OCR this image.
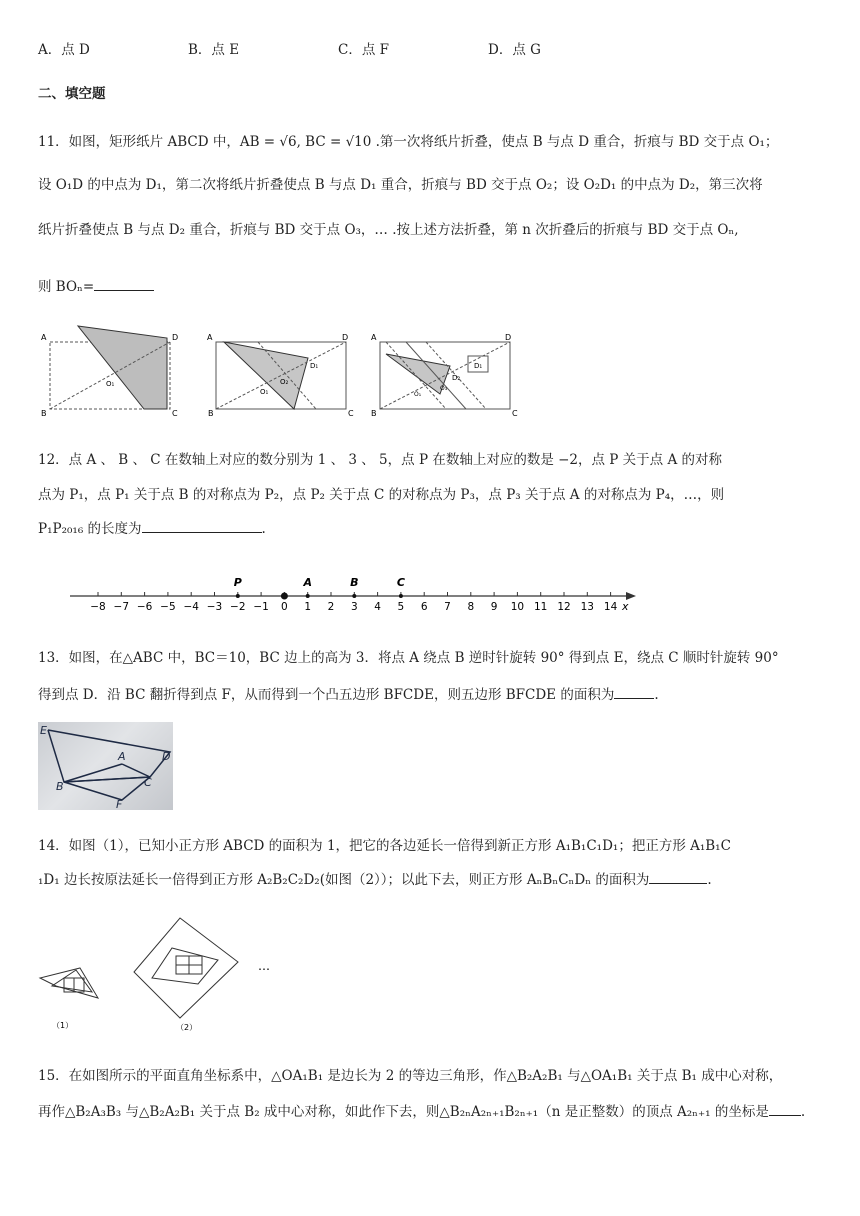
A．点 D	B．点 E	C．点 F	D．点 G
二、填空题
11．如图，矩形纸片 ABCD 中，AB = √6, BC = √10 .第一次将纸片折叠，使点 B 与点 D 重合，折痕与 BD 交于点 O₁；
设 O₁D 的中点为 D₁，第二次将纸片折叠使点 B 与点 D₁ 重合，折痕与 BD 交于点 O₂；设 O₂D₁ 的中点为 D₂，第三次将
纸片折叠使点 B 与点 D₂ 重合，折痕与 BD 交于点 O₃，… .按上述方法折叠，第 n 次折叠后的折痕与 BD 交于点 Oₙ,
则 BOₙ=
A
B	C
D
O₁
A
B	C
D
D₁
O₂
O₁
A
B	C
D
D₁
D₂
O₃
O₁
12．点 A 、 B 、 C 在数轴上对应的数分别为 1 、 3 、 5，点 P 在数轴上对应的数是 −2，点 P 关于点 A 的对称
点为 P₁，点 P₁ 关于点 B 的对称点为 P₂，点 P₂ 关于点 C 的对称点为 P₃，点 P₃ 关于点 A 的对称点为 P₄，…，则
P₁P₂₀₁₆ 的长度为	.
−8 −7 −6 −5 −4 −3 −2 −1 0 1 2 3 4 5 6 7 8 9 10 11 12 13 14
P	A	B	C
x
13．如图，在△ABC 中，BC＝10，BC 边上的高为 3．将点 A 绕点 B 逆时针旋转 90° 得到点 E，绕点 C 顺时针旋转 90°
得到点 D．沿 BC 翻折得到点 F，从而得到一个凸五边形 BFCDE，则五边形 BFCDE 的面积为	.
E
D
A
B	C
F
14．如图（1），已知小正方形 ABCD 的面积为 1，把它的各边延长一倍得到新正方形 A₁B₁C₁D₁；把正方形 A₁B₁C
₁D₁ 边长按原法延长一倍得到正方形 A₂B₂C₂D₂(如图（2））；以此下去，则正方形 AₙBₙCₙDₙ 的面积为	.
（1）	（2）
…
15．在如图所示的平面直角坐标系中，△OA₁B₁ 是边长为 2 的等边三角形，作△B₂A₂B₁ 与△OA₁B₁ 关于点 B₁ 成中心对称，
再作△B₂A₃B₃ 与△B₂A₂B₁ 关于点 B₂ 成中心对称，如此作下去，则△B₂ₙA₂ₙ₊₁B₂ₙ₊₁（n 是正整数）的顶点 A₂ₙ₊₁ 的坐标是 .
